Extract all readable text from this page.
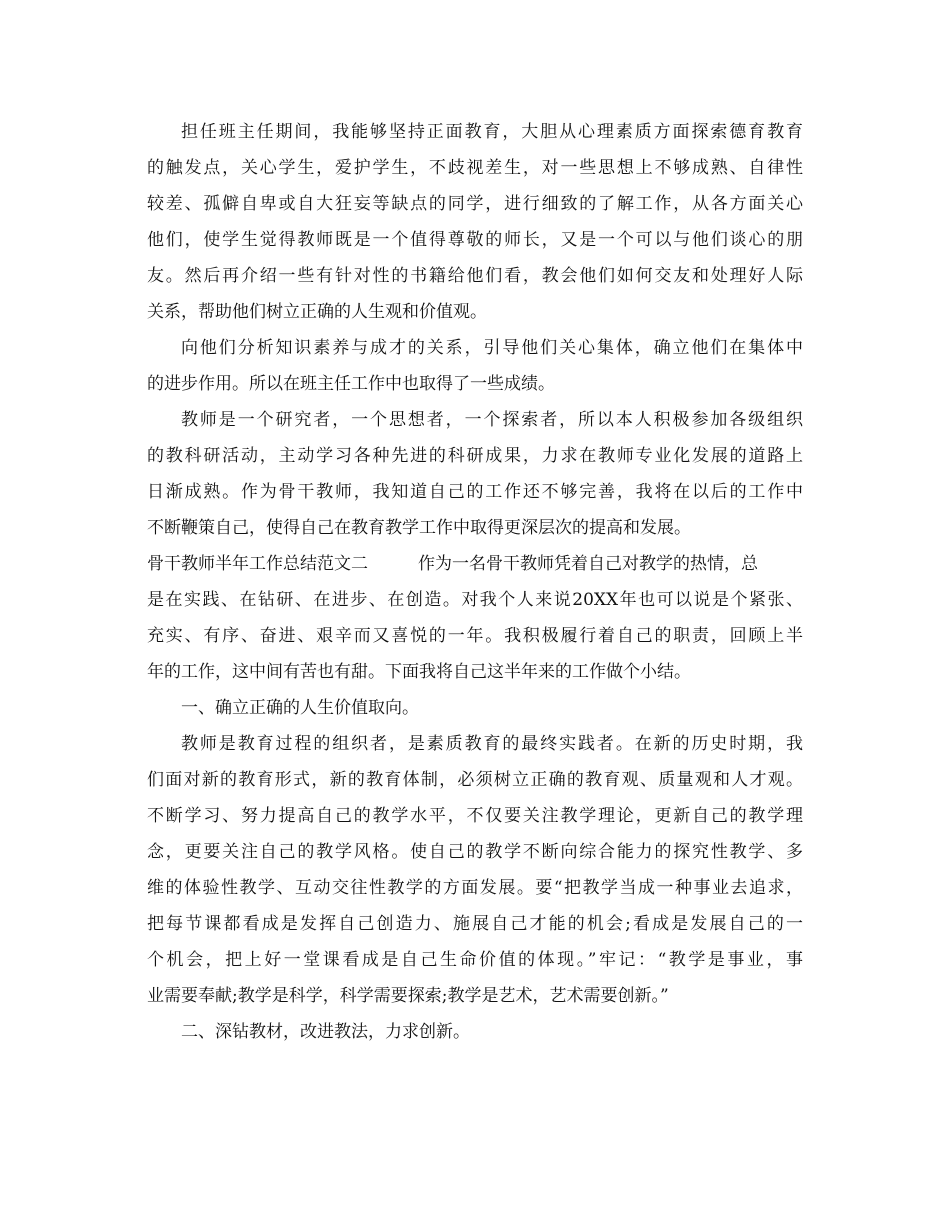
担任班主任期间，我能够坚持正面教育，大胆从心理素质方面探索德育教育
的触发点，关心学生，爱护学生，不歧视差生，对一些思想上不够成熟、自律性
较差、孤僻自卑或自大狂妄等缺点的同学，进行细致的了解工作，从各方面关心
他们，使学生觉得教师既是一个值得尊敬的师长，又是一个可以与他们谈心的朋
友。然后再介绍一些有针对性的书籍给他们看，教会他们如何交友和处理好人际
关系，帮助他们树立正确的人生观和价值观。
向他们分析知识素养与成才的关系，引导他们关心集体，确立他们在集体中
的进步作用。所以在班主任工作中也取得了一些成绩。
教师是一个研究者，一个思想者，一个探索者，所以本人积极参加各级组织
的教科研活动，主动学习各种先进的科研成果，力求在教师专业化发展的道路上
日渐成熟。作为骨干教师，我知道自己的工作还不够完善，我将在以后的工作中
不断鞭策自己，使得自己在教育教学工作中取得更深层次的提高和发展。
骨干教师半年工作总结范文二	作为一名骨干教师凭着自己对教学的热情，总
是在实践、在钻研、在进步、在创造。对我个人来说20XX年也可以说是个紧张、
充实、有序、奋进、艰辛而又喜悦的一年。我积极履行着自己的职责，回顾上半
年的工作，这中间有苦也有甜。下面我将自己这半年来的工作做个小结。
一、确立正确的人生价值取向。
教师是教育过程的组织者，是素质教育的最终实践者。在新的历史时期，我
们面对新的教育形式，新的教育体制，必须树立正确的教育观、质量观和人才观。
不断学习、努力提高自己的教学水平，不仅要关注教学理论，更新自己的教学理
念，更要关注自己的教学风格。使自己的教学不断向综合能力的探究性教学、多
维的体验性教学、互动交往性教学的方面发展。要“把教学当成一种事业去追求，
把每节课都看成是发挥自己创造力、施展自己才能的机会;看成是发展自己的一
个机会，把上好一堂课看成是自己生命价值的体现。”牢记：“教学是事业，事
业需要奉献;教学是科学，科学需要探索;教学是艺术，艺术需要创新。”
二、深钻教材，改进教法，力求创新。
